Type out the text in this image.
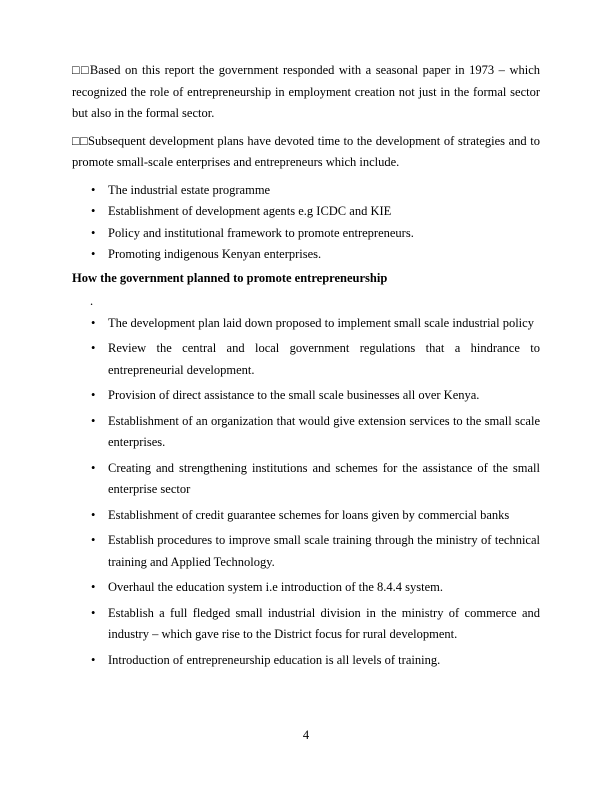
□□Based on this report the government responded with a seasonal paper in 1973 – which recognized the role of entrepreneurship in employment creation not just in the formal sector but also in the formal sector.

□□Subsequent development plans have devoted time to the development of strategies and to promote small-scale enterprises and entrepreneurs which include.

• The industrial estate programme
• Establishment of development agents e.g ICDC and KIE
• Policy and institutional framework to promote entrepreneurs.
• Promoting indigenous Kenyan enterprises.
How the government planned to promote entrepreneurship

.

• The development plan laid down proposed to implement small scale industrial policy
• Review the central and local government regulations that a hindrance to entrepreneurial development.
• Provision of direct assistance to the small scale businesses all over Kenya.
• Establishment of an organization that would give extension services to the small scale enterprises.
• Creating and strengthening institutions and schemes for the assistance of the small enterprise sector
• Establishment of credit guarantee schemes for loans given by commercial banks
• Establish procedures to improve small scale training through the ministry of technical training and Applied Technology.
• Overhaul the education system i.e introduction of the 8.4.4 system.
• Establish a full fledged small industrial division in the ministry of commerce and industry – which gave rise to the District focus for rural development.
• Introduction of entrepreneurship education is all levels of training.
4
